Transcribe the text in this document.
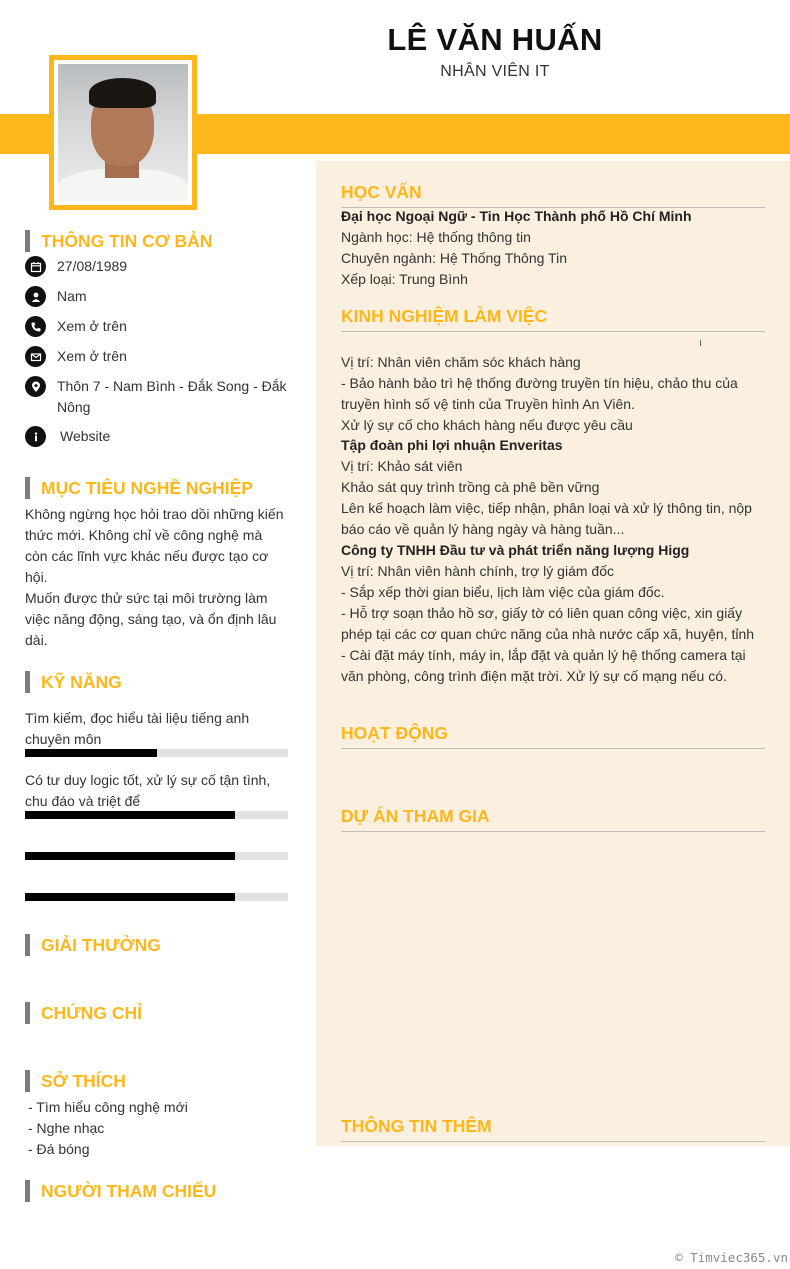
LÊ VĂN HUẤN
NHÂN VIÊN IT
THÔNG TIN CƠ BẢN
27/08/1989
Nam
Xem ở trên
Xem ở trên
Thôn 7 - Nam Bình - Đắk Song - Đắk Nông
Website
MỤC TIÊU NGHỀ NGHIỆP
Không ngừng học hỏi trao dồi những kiến thức mới. Không chỉ về công nghệ mà còn các lĩnh vực khác nếu được tạo cơ hội.
Muốn được thử sức tại môi trường làm việc năng động, sáng tạo, và ổn định lâu dài.
KỸ NĂNG
Tìm kiếm, đọc hiểu tài liệu tiếng anh chuyên môn
Có tư duy logic tốt, xử lý sự cố tận tình, chu đáo và triệt để
GIẢI THƯỞNG
CHỨNG CHỈ
SỞ THÍCH
- Tìm hiểu công nghệ mới
- Nghe nhạc
- Đá bóng
NGƯỜI THAM CHIẾU
HỌC VẤN
Đại học Ngoại Ngữ - Tin Học Thành phố Hồ Chí Minh
Ngành học: Hệ thống thông tin
Chuyên ngành: Hệ Thống Thông Tin
Xếp loại: Trung Bình
KINH NGHIỆM LÀM VIỆC
Vị trí: Nhân viên chăm sóc khách hàng
- Bảo hành bảo trì hệ thống đường truyền tín hiệu, chảo thu của truyền hình số vệ tinh của Truyền hình An Viên.
Xử lý sự cố cho khách hàng nếu được yêu cầu
Tập đoàn phi lợi nhuận Enveritas
Vị trí: Khảo sát viên
Khảo sát quy trình trồng cà phê bền vững
Lên kế hoạch làm việc, tiếp nhận, phân loại và xử lý thông tin, nộp báo cáo về quản lý hàng ngày và hàng tuần...
Công ty TNHH Đầu tư và phát triển năng lượng Higg
Vị trí: Nhân viên hành chính, trợ lý giám đốc
- Sắp xếp thời gian biểu, lịch làm việc của giám đốc.
- Hỗ trợ soạn thảo hồ sơ, giấy tờ có liên quan công việc, xin giấy phép tại các cơ quan chức năng của nhà nước cấp xã, huyện, tỉnh
- Cài đặt máy tính, máy in, lắp đặt và quản lý hệ thống camera tại văn phòng, công trình điện mặt trời. Xử lý sự cố mạng nếu có.
HOẠT ĐỘNG
DỰ ÁN THAM GIA
THÔNG TIN THÊM
© Timviec365.vn
